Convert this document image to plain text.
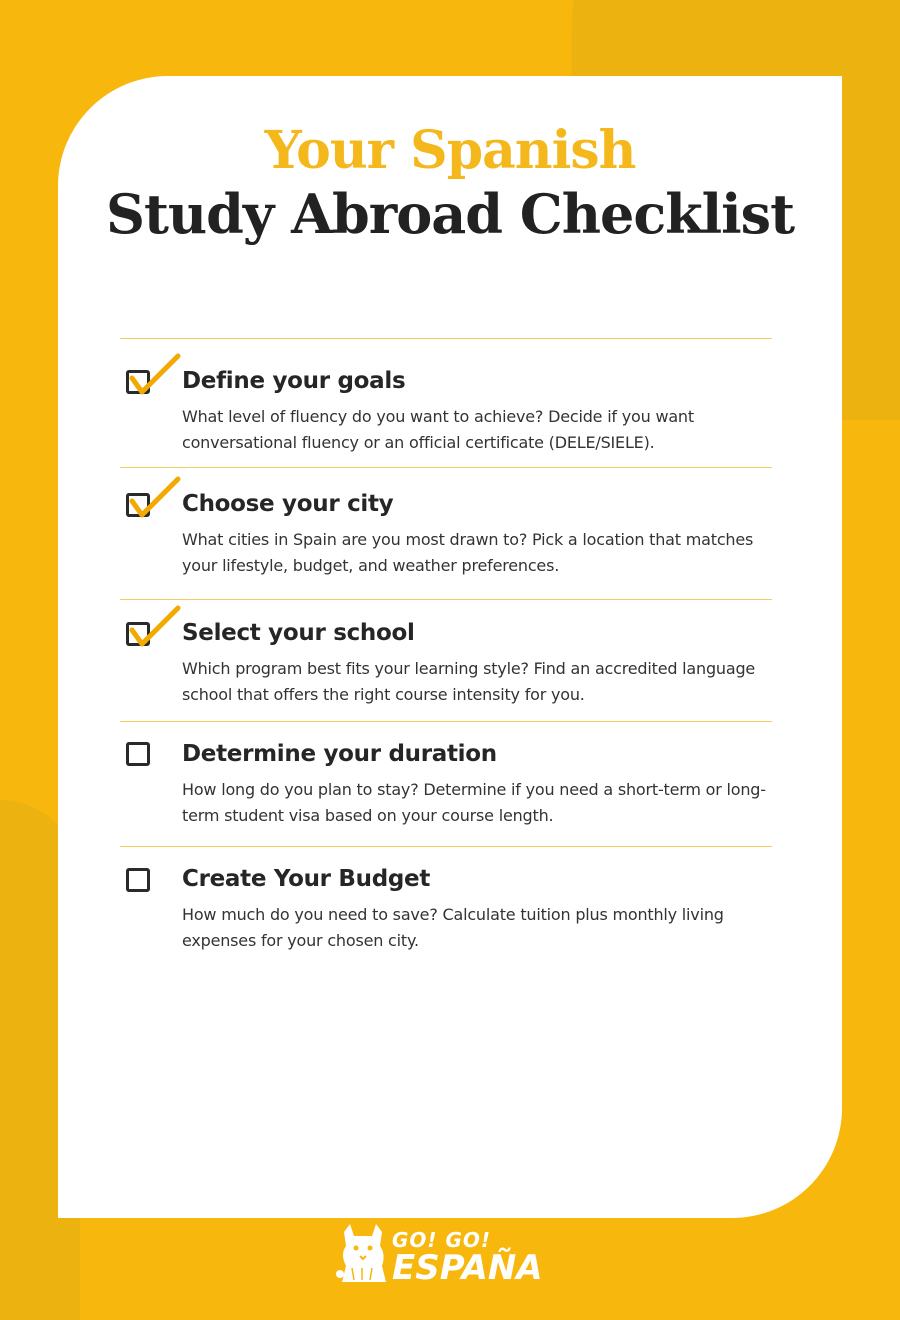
Your Spanish
Study Abroad Checklist
Define your goals

What level of fluency do you want to achieve? Decide if you want conversational fluency or an official certificate (DELE/SIELE).

Choose your city

What cities in Spain are you most drawn to? Pick a location that matches your lifestyle, budget, and weather preferences.

Select your school

Which program best fits your learning style? Find an accredited language school that offers the right course intensity for you.

Determine your duration

How long do you plan to stay? Determine if you need a short-term or long-term student visa based on your course length.

Create Your Budget

How much do you need to save? Calculate tuition plus monthly living expenses for your chosen city.

GO! GO!
ESPAÑA
